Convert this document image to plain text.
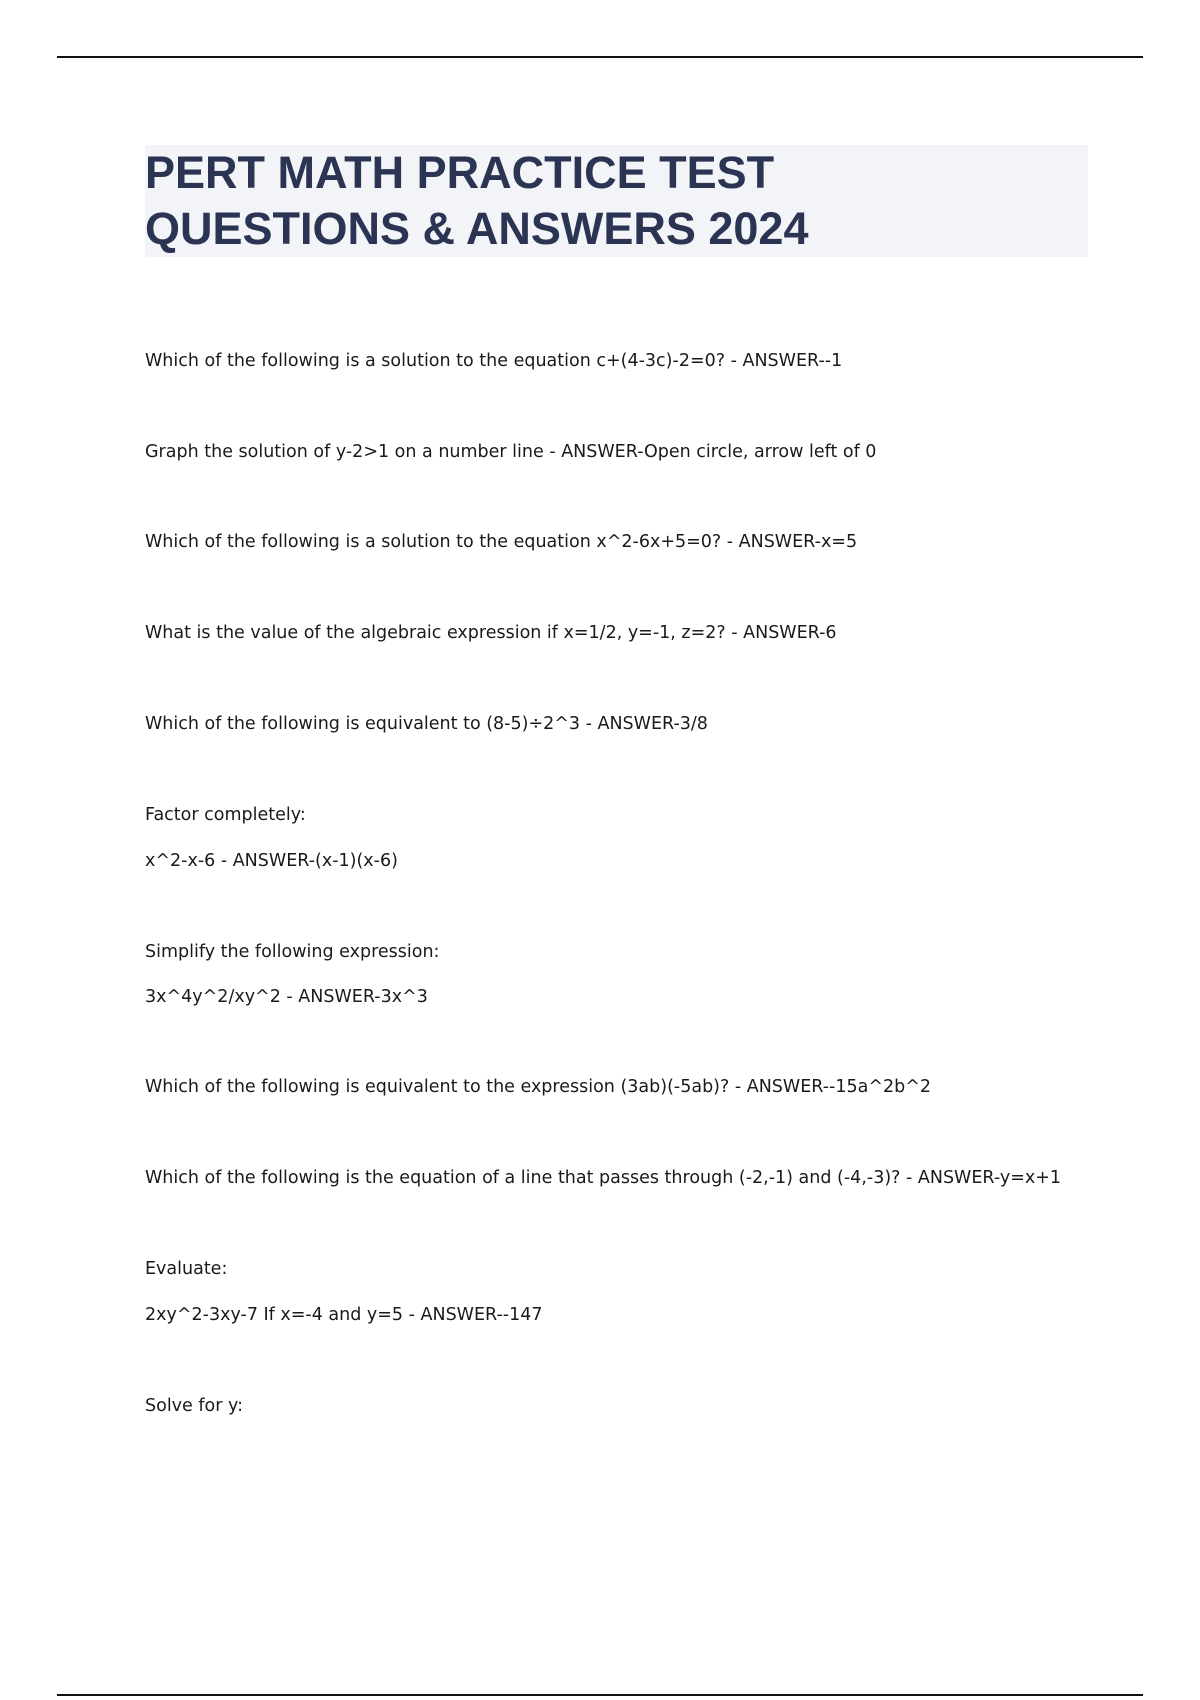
PERT MATH PRACTICE TEST
QUESTIONS & ANSWERS 2024
Which of the following is a solution to the equation c+(4-3c)-2=0? - ANSWER--1
Graph the solution of y-2>1 on a number line - ANSWER-Open circle, arrow left of 0
Which of the following is a solution to the equation x^2-6x+5=0? - ANSWER-x=5
What is the value of the algebraic expression if x=1/2, y=-1, z=2? - ANSWER-6
Which of the following is equivalent to (8-5)÷2^3 - ANSWER-3/8
Factor completely:
x^2-x-6 - ANSWER-(x-1)(x-6)
Simplify the following expression:
3x^4y^2/xy^2 - ANSWER-3x^3
Which of the following is equivalent to the expression (3ab)(-5ab)? - ANSWER--15a^2b^2
Which of the following is the equation of a line that passes through (-2,-1) and (-4,-3)? - ANSWER-y=x+1
Evaluate:
2xy^2-3xy-7 If x=-4 and y=5 - ANSWER--147
Solve for y:
